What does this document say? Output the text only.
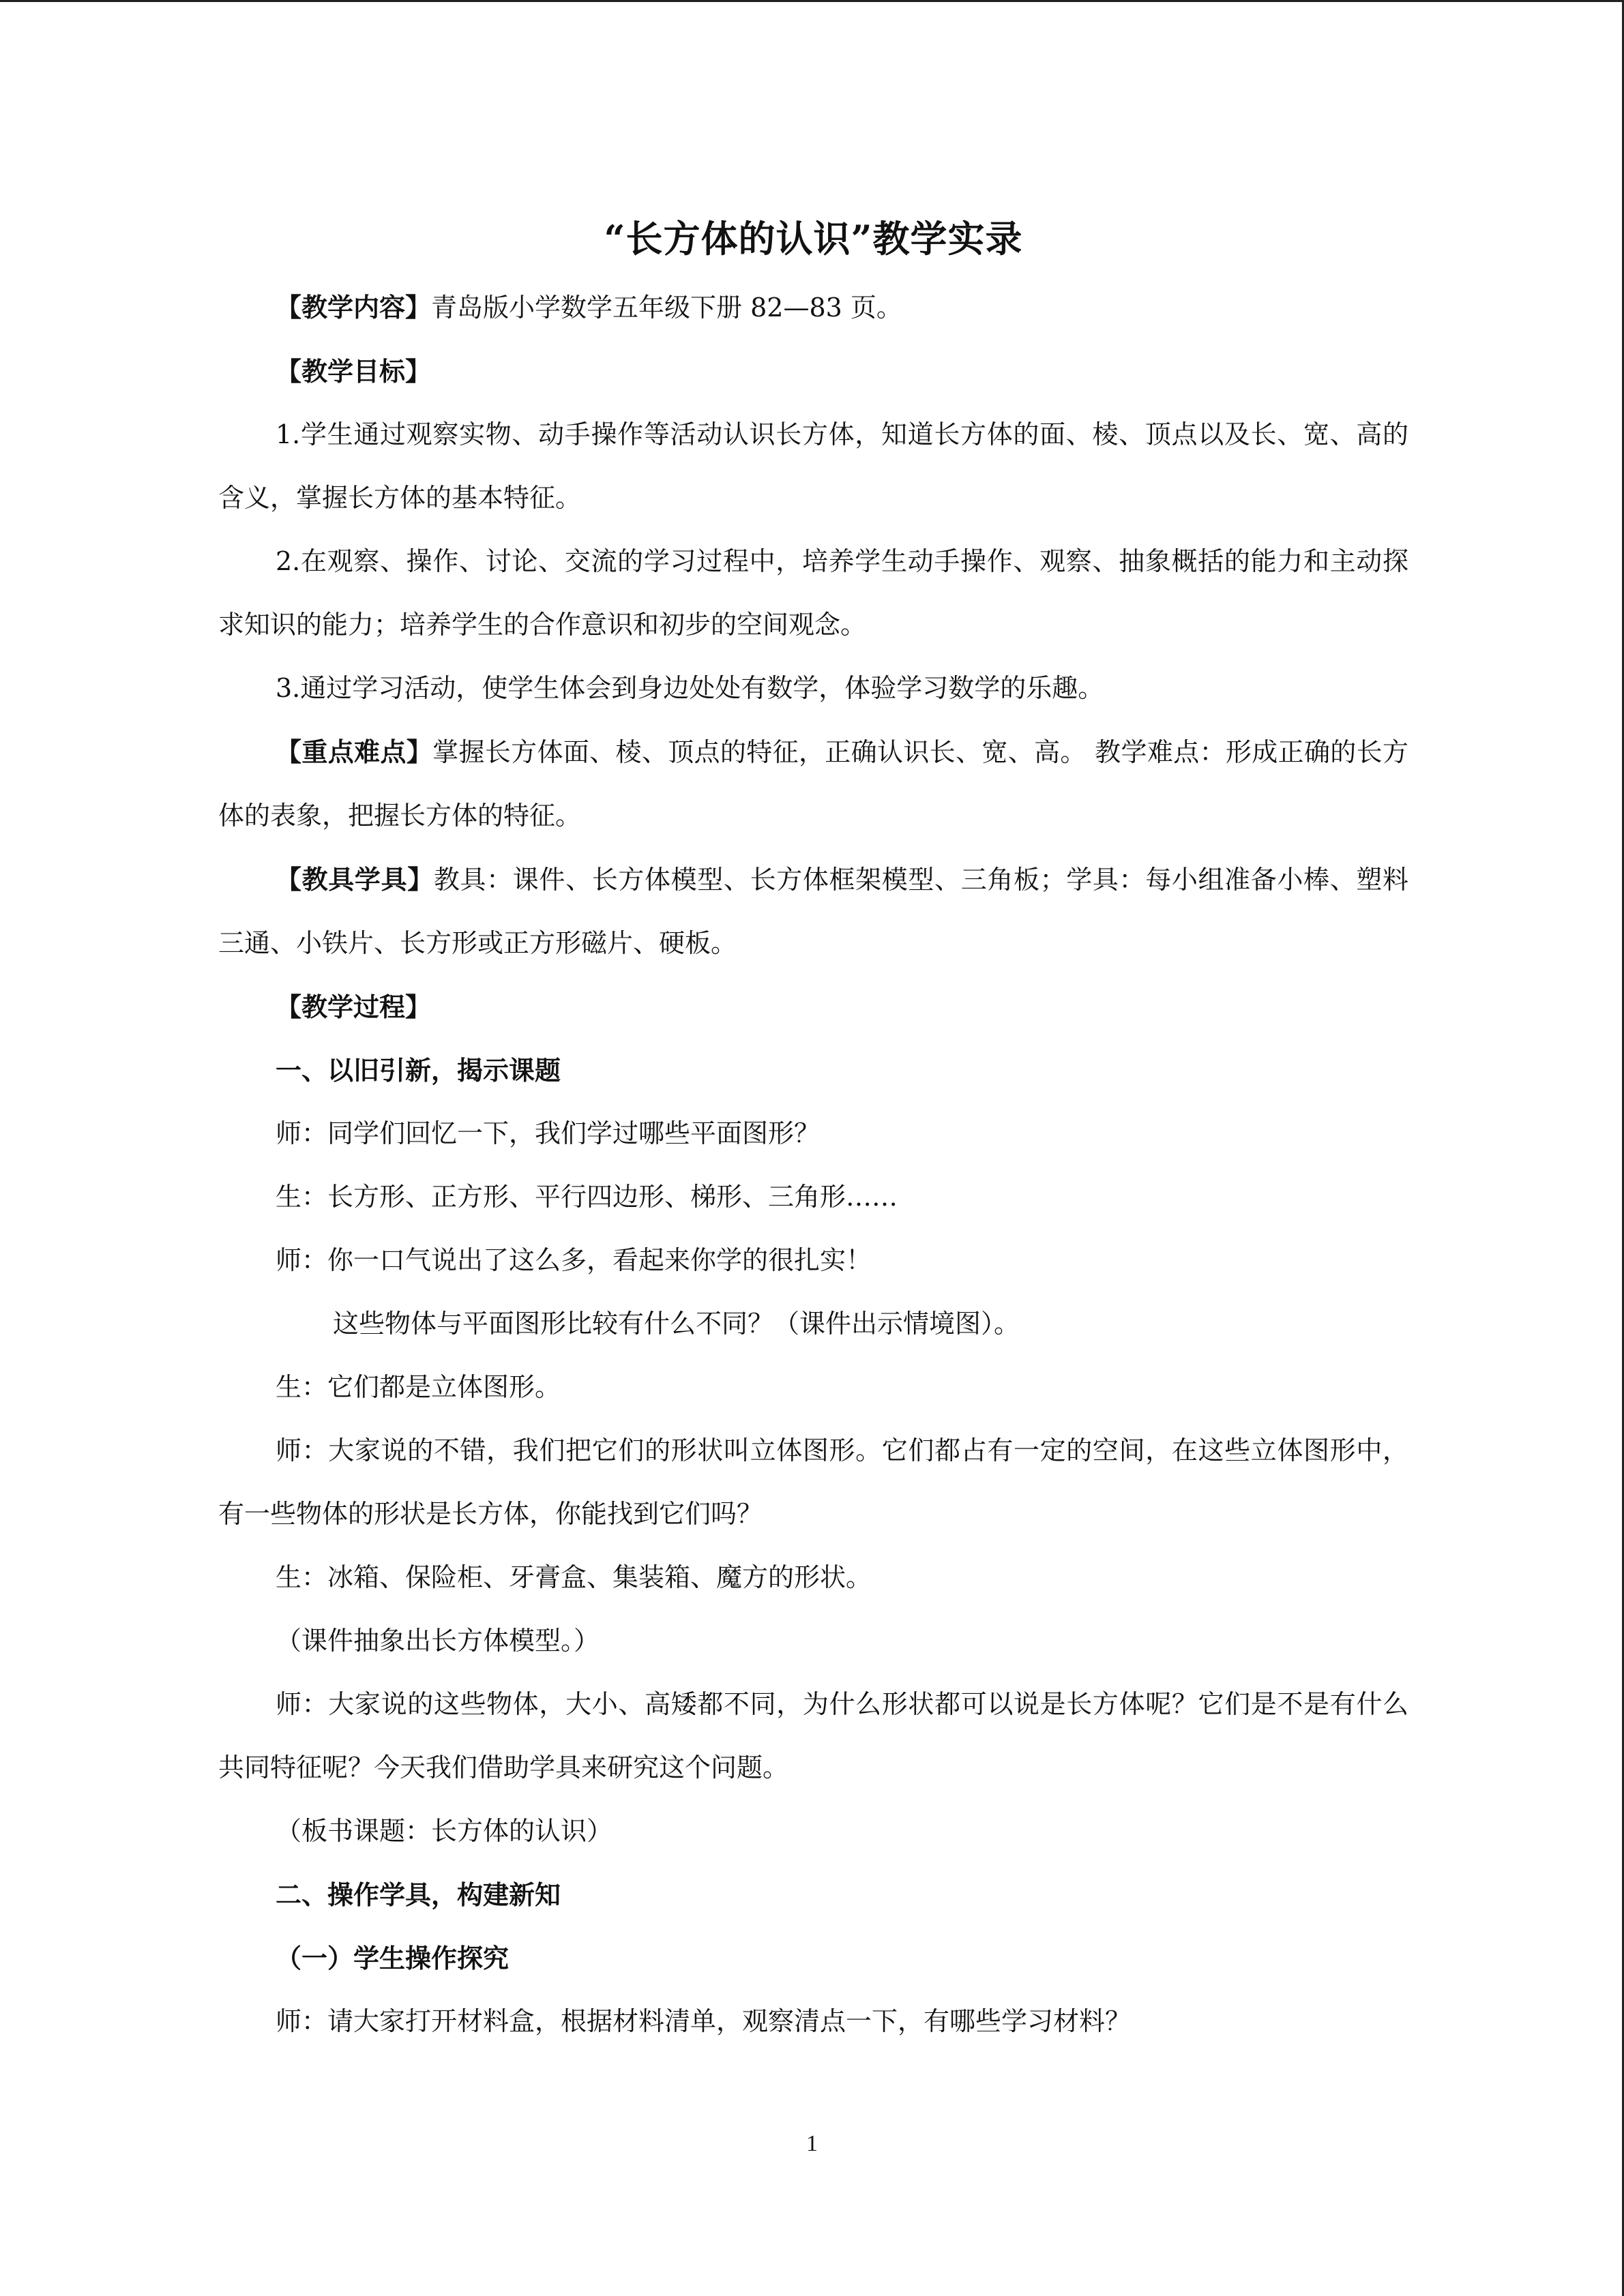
“长方体的认识”教学实录

【教学内容】青岛版小学数学五年级下册 82—83 页。

【教学目标】

1.学生通过观察实物、动手操作等活动认识长方体，知道长方体的面、棱、顶点以及长、宽、高的含义，掌握长方体的基本特征。

2.在观察、操作、讨论、交流的学习过程中，培养学生动手操作、观察、抽象概括的能力和主动探求知识的能力；培养学生的合作意识和初步的空间观念。

3.通过学习活动，使学生体会到身边处处有数学，体验学习数学的乐趣。

【重点难点】掌握长方体面、棱、顶点的特征，正确认识长、宽、高。 教学难点：形成正确的长方体的表象，把握长方体的特征。

【教具学具】教具：课件、长方体模型、长方体框架模型、三角板；学具：每小组准备小棒、塑料三通、小铁片、长方形或正方形磁片、硬板。

【教学过程】

一、以旧引新，揭示课题

师：同学们回忆一下，我们学过哪些平面图形？

生：长方形、正方形、平行四边形、梯形、三角形……

师：你一口气说出了这么多，看起来你学的很扎实！

这些物体与平面图形比较有什么不同？（课件出示情境图）。

生：它们都是立体图形。

师：大家说的不错，我们把它们的形状叫立体图形。它们都占有一定的空间，在这些立体图形中，有一些物体的形状是长方体，你能找到它们吗？

生：冰箱、保险柜、牙膏盒、集装箱、魔方的形状。

（课件抽象出长方体模型。）

师：大家说的这些物体，大小、高矮都不同，为什么形状都可以说是长方体呢？它们是不是有什么共同特征呢？今天我们借助学具来研究这个问题。

（板书课题：长方体的认识）

二、操作学具，构建新知

（一）学生操作探究

师：请大家打开材料盒，根据材料清单，观察清点一下，有哪些学习材料？

1
